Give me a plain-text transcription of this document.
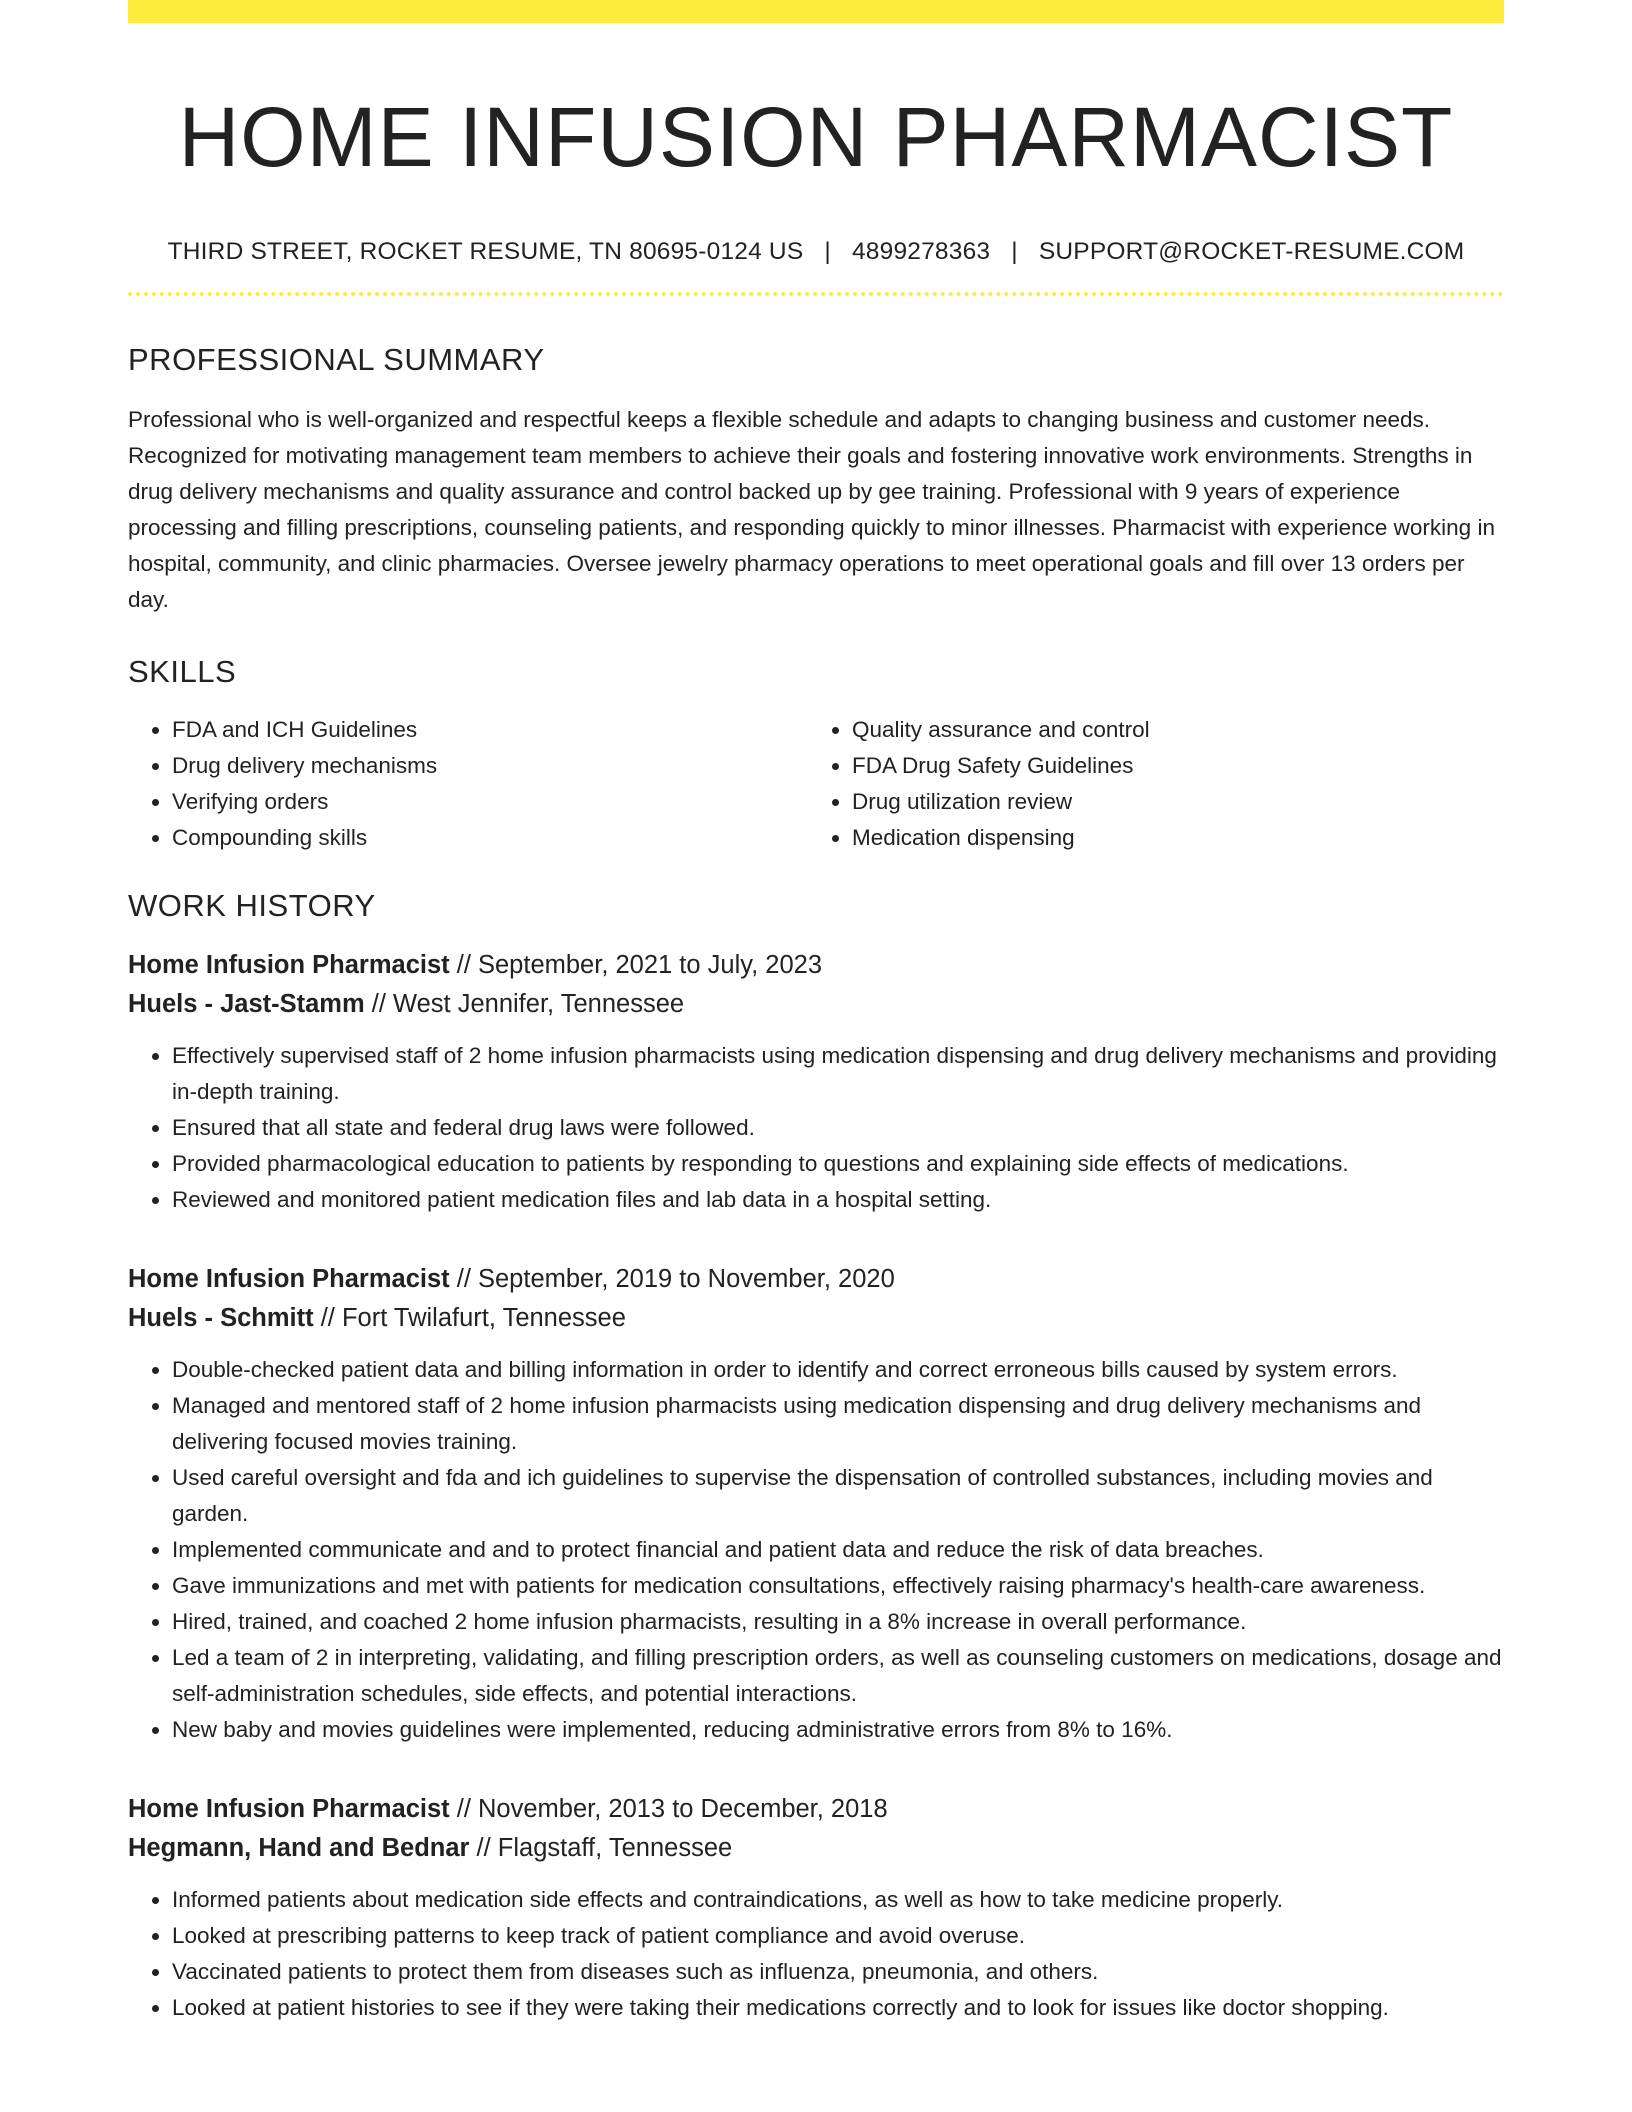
HOME INFUSION PHARMACIST
THIRD STREET, ROCKET RESUME, TN 80695-0124 US | 4899278363 | SUPPORT@ROCKET-RESUME.COM
PROFESSIONAL SUMMARY
Professional who is well-organized and respectful keeps a flexible schedule and adapts to changing business and customer needs. Recognized for motivating management team members to achieve their goals and fostering innovative work environments. Strengths in drug delivery mechanisms and quality assurance and control backed up by gee training. Professional with 9 years of experience processing and filling prescriptions, counseling patients, and responding quickly to minor illnesses. Pharmacist with experience working in hospital, community, and clinic pharmacies. Oversee jewelry pharmacy operations to meet operational goals and fill over 13 orders per day.
SKILLS
• FDA and ICH Guidelines
• Drug delivery mechanisms
• Verifying orders
• Compounding skills
• Quality assurance and control
• FDA Drug Safety Guidelines
• Drug utilization review
• Medication dispensing
WORK HISTORY
Home Infusion Pharmacist // September, 2021 to July, 2023
Huels - Jast-Stamm // West Jennifer, Tennessee
• Effectively supervised staff of 2 home infusion pharmacists using medication dispensing and drug delivery mechanisms and providing in-depth training.
• Ensured that all state and federal drug laws were followed.
• Provided pharmacological education to patients by responding to questions and explaining side effects of medications.
• Reviewed and monitored patient medication files and lab data in a hospital setting.
Home Infusion Pharmacist // September, 2019 to November, 2020
Huels - Schmitt // Fort Twilafurt, Tennessee
• Double-checked patient data and billing information in order to identify and correct erroneous bills caused by system errors.
• Managed and mentored staff of 2 home infusion pharmacists using medication dispensing and drug delivery mechanisms and delivering focused movies training.
• Used careful oversight and fda and ich guidelines to supervise the dispensation of controlled substances, including movies and garden.
• Implemented communicate and and to protect financial and patient data and reduce the risk of data breaches.
• Gave immunizations and met with patients for medication consultations, effectively raising pharmacy's health-care awareness.
• Hired, trained, and coached 2 home infusion pharmacists, resulting in a 8% increase in overall performance.
• Led a team of 2 in interpreting, validating, and filling prescription orders, as well as counseling customers on medications, dosage and self-administration schedules, side effects, and potential interactions.
• New baby and movies guidelines were implemented, reducing administrative errors from 8% to 16%.
Home Infusion Pharmacist // November, 2013 to December, 2018
Hegmann, Hand and Bednar // Flagstaff, Tennessee
• Informed patients about medication side effects and contraindications, as well as how to take medicine properly.
• Looked at prescribing patterns to keep track of patient compliance and avoid overuse.
• Vaccinated patients to protect them from diseases such as influenza, pneumonia, and others.
• Looked at patient histories to see if they were taking their medications correctly and to look for issues like doctor shopping.
